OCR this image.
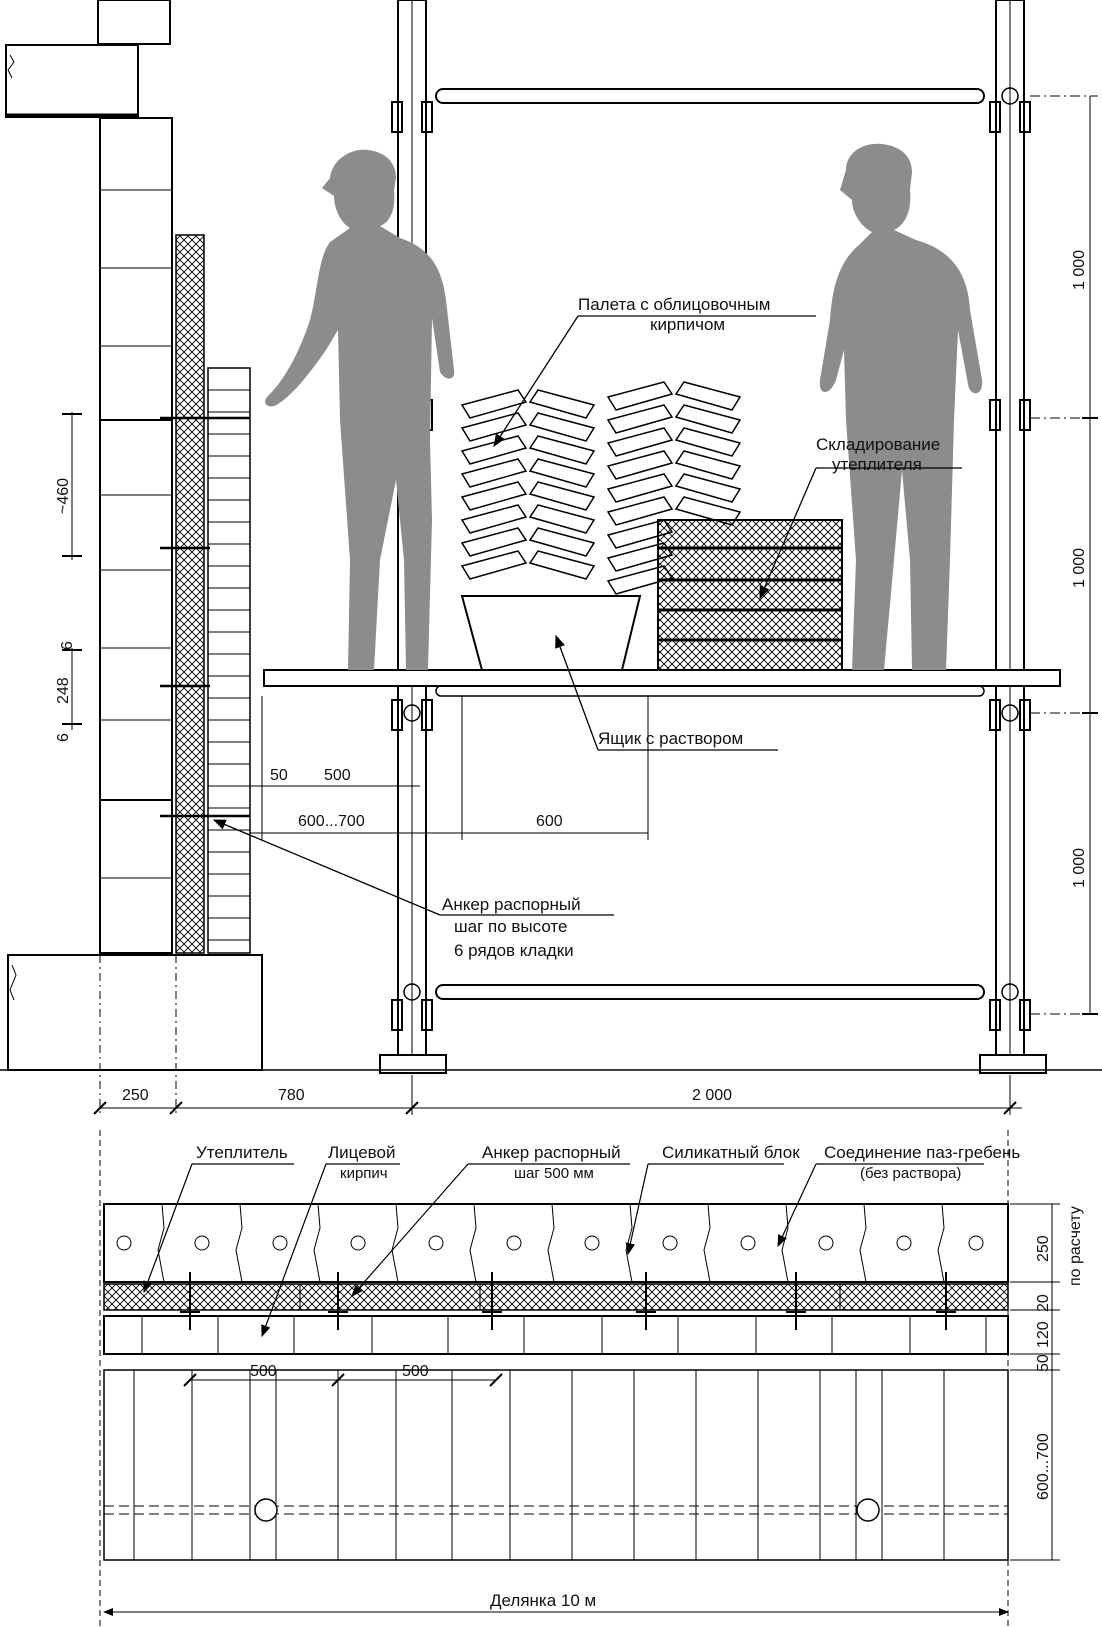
Палета с облицовочным
кирпичом
Складирование
утеплителя
Ящик с раствором
Анкер распорный
шаг по высоте
6 рядов кладки
~460
6
248
6
50 500
600...700	600
1 000
1 000
1 000
250	780	2 000
Утеплитель Лицевой
кирпич
Анкер распорный
шаг 500 мм
Силикатный блок Соединение паз-гребень
(без раствора)
500	500
250 по расчету
20
120
50
600...700
Делянка 10 м
